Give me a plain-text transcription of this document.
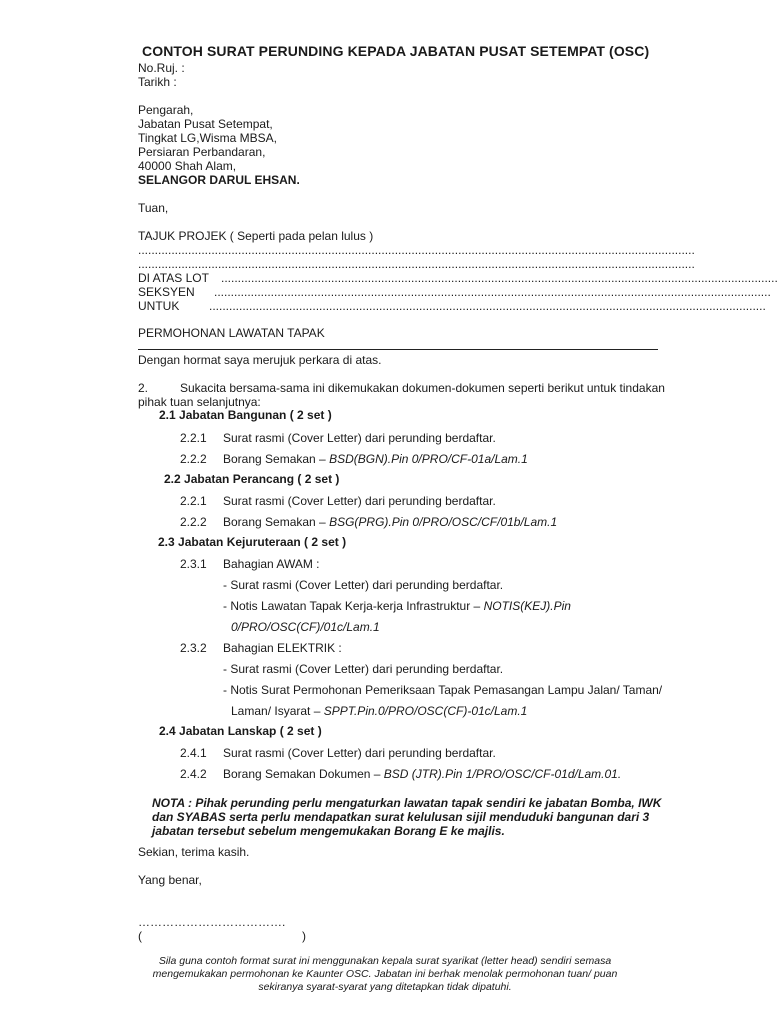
CONTOH SURAT PERUNDING KEPADA JABATAN PUSAT SETEMPAT (OSC)
No.Ruj. :
Tarikh :
Pengarah,
Jabatan Pusat Setempat,
Tingkat LG,Wisma MBSA,
Persiaran Perbandaran,
40000 Shah Alam,
SELANGOR DARUL EHSAN.
Tuan,
TAJUK PROJEK ( Seperti pada pelan lulus )
.......................................................................................................................................................................
.......................................................................................................................................................................
DI ATAS LOT .......................................................................................................................................................................
SEKSYEN .......................................................................................................................................................................
UNTUK .......................................................................................................................................................................
PERMOHONAN LAWATAN TAPAK
Dengan hormat saya merujuk perkara di atas.
2.	Sukacita bersama-sama ini dikemukakan dokumen-dokumen seperti berikut untuk tindakan
pihak tuan selanjutnya:
2.1 Jabatan Bangunan ( 2 set )
2.2.1 Surat rasmi (Cover Letter) dari perunding berdaftar.
2.2.2 Borang Semakan – BSD(BGN).Pin 0/PRO/CF-01a/Lam.1
2.2 Jabatan Perancang ( 2 set )
2.2.1 Surat rasmi (Cover Letter) dari perunding berdaftar.
2.2.2 Borang Semakan – BSG(PRG).Pin 0/PRO/OSC/CF/01b/Lam.1
2.3 Jabatan Kejuruteraan ( 2 set )
2.3.1 Bahagian AWAM :
- Surat rasmi (Cover Letter) dari perunding berdaftar.
- Notis Lawatan Tapak Kerja-kerja Infrastruktur – NOTIS(KEJ).Pin
0/PRO/OSC(CF)/01c/Lam.1
2.3.2 Bahagian ELEKTRIK :
- Surat rasmi (Cover Letter) dari perunding berdaftar.
- Notis Surat Permohonan Pemeriksaan Tapak Pemasangan Lampu Jalan/ Taman/
Laman/ Isyarat – SPPT.Pin.0/PRO/OSC(CF)-01c/Lam.1
2.4 Jabatan Lanskap ( 2 set )
2.4.1 Surat rasmi (Cover Letter) dari perunding berdaftar.
2.4.2 Borang Semakan Dokumen – BSD (JTR).Pin 1/PRO/OSC/CF-01d/Lam.01.
NOTA : Pihak perunding perlu mengaturkan lawatan tapak sendiri ke jabatan Bomba, IWK dan SYABAS serta perlu mendapatkan surat kelulusan sijil menduduki bangunan dari 3 jabatan tersebut sebelum mengemukakan Borang E ke majlis.
Sekian, terima kasih.
Yang benar,
……………………………….
(	)
Sila guna contoh format surat ini menggunakan kepala surat syarikat (letter head) sendiri semasa mengemukakan permohonan ke Kaunter OSC. Jabatan ini berhak menolak permohonan tuan/ puan sekiranya syarat-syarat yang ditetapkan tidak dipatuhi.
